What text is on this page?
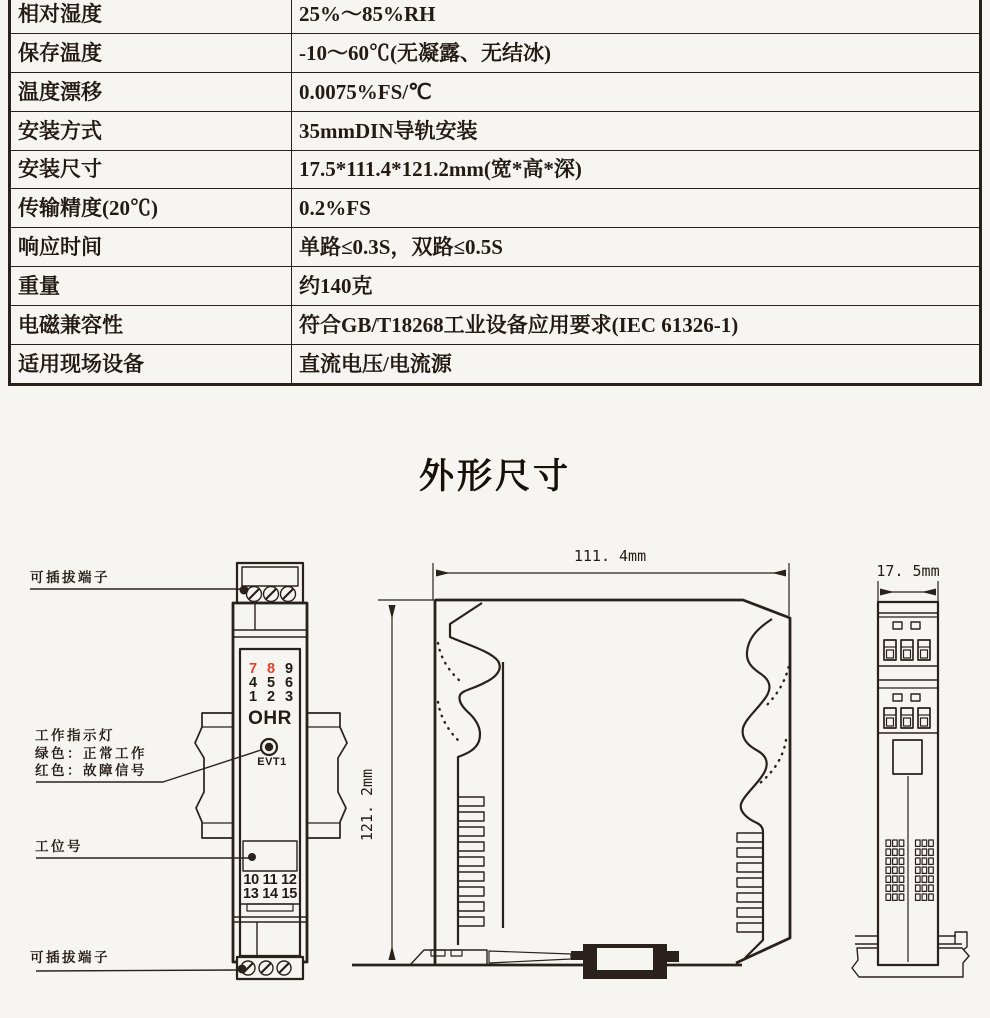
相对湿度	25%～85%RH
保存温度	-10～60℃(无凝露、无结冰)
温度漂移	0.0075%FS/℃
安装方式	35mmDIN导轨安装
安装尺寸	17.5*111.4*121.2mm(宽*高*深)
传输精度(20℃)	0.2%FS
响应时间	单路≤0.3S，双路≤0.5S
重量	约140克
电磁兼容性	符合GB/T18268工业设备应用要求(IEC 61326-1)
适用现场设备	直流电压/电流源
外形尺寸
7 8 9
4 5 6
1 2 3
OHR
EVT1
10 11 12
13 14 15
可插拔端子
工作指示灯
绿色：正常工作
红色：故障信号
工位号
可插拔端子
111. 4mm
121. 2mm
17. 5mm
